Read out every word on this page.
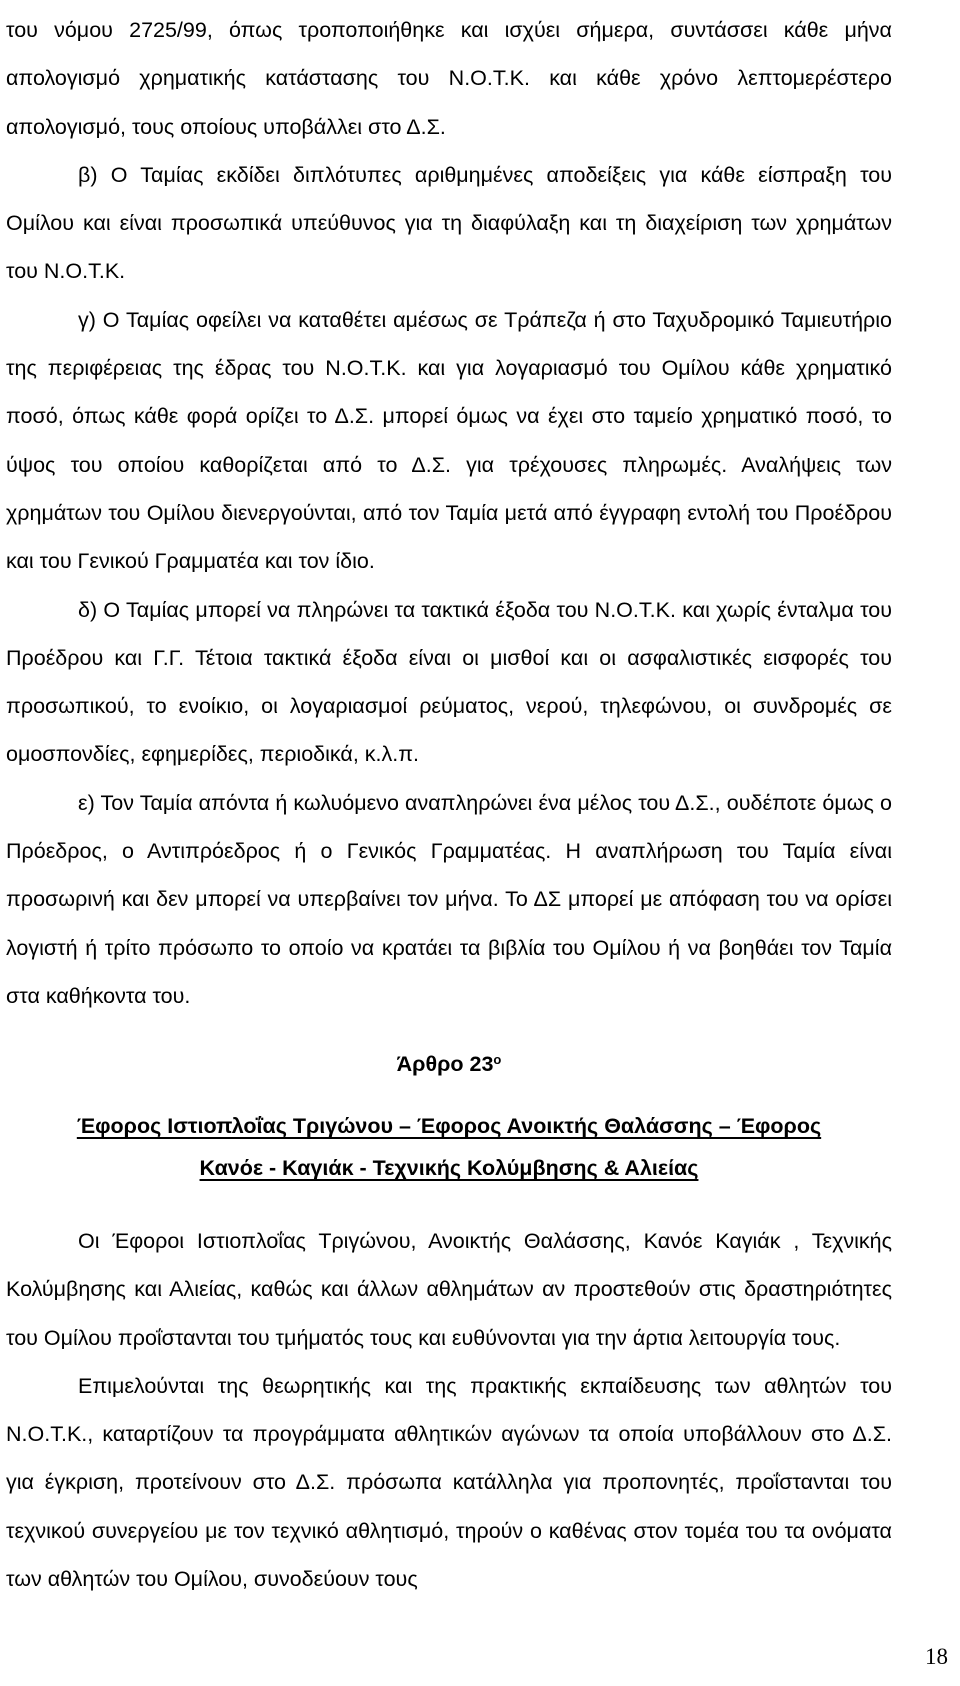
του νόμου 2725/99, όπως τροποποιήθηκε και ισχύει σήμερα, συντάσσει κάθε μήνα απολογισμό χρηματικής κατάστασης του Ν.Ο.Τ.Κ. και κάθε χρόνο λεπτομερέστερο απολογισμό, τους οποίους υποβάλλει στο Δ.Σ.

β) Ο Ταμίας εκδίδει διπλότυπες αριθμημένες αποδείξεις για κάθε είσπραξη του Ομίλου και είναι προσωπικά υπεύθυνος για τη διαφύλαξη και τη διαχείριση των χρημάτων του Ν.Ο.Τ.Κ.

γ) Ο Ταμίας οφείλει να καταθέτει αμέσως σε Τράπεζα ή στο Ταχυδρομικό Ταμιευτήριο της περιφέρειας της έδρας του Ν.Ο.Τ.Κ. και για λογαριασμό του Ομίλου κάθε χρηματικό ποσό, όπως κάθε φορά ορίζει το Δ.Σ. μπορεί όμως να έχει στο ταμείο χρηματικό ποσό, το ύψος του οποίου καθορίζεται από το Δ.Σ. για τρέχουσες πληρωμές. Αναλήψεις των χρημάτων του Ομίλου διενεργούνται, από τον Ταμία μετά από έγγραφη εντολή του Προέδρου και του Γενικού Γραμματέα και τον ίδιο.

δ) Ο Ταμίας μπορεί να πληρώνει τα τακτικά έξοδα του Ν.Ο.Τ.Κ. και χωρίς ένταλμα του Προέδρου και Γ.Γ. Τέτοια τακτικά έξοδα είναι οι μισθοί και οι ασφαλιστικές εισφορές του προσωπικού, το ενοίκιο, οι λογαριασμοί ρεύματος, νερού, τηλεφώνου, οι συνδρομές σε ομοσπονδίες, εφημερίδες, περιοδικά, κ.λ.π.

ε) Τον Ταμία απόντα ή κωλυόμενο αναπληρώνει ένα μέλος του Δ.Σ., ουδέποτε όμως ο Πρόεδρος, ο Αντιπρόεδρος ή ο Γενικός Γραμματέας. Η αναπλήρωση του Ταμία είναι προσωρινή και δεν μπορεί να υπερβαίνει τον μήνα. Το ΔΣ μπορεί με απόφαση του να ορίσει λογιστή ή τρίτο πρόσωπο το οποίο να κρατάει τα βιβλία του Ομίλου ή να βοηθάει τον Ταμία στα καθήκοντα του.

Άρθρο $23^o$
Έφορος Ιστιοπλοΐας Τριγώνου – Έφορος Ανοικτής Θαλάσσης – Έφορος
Κανόε - Καγιάκ - Τεχνικής Κολύμβησης & Αλιείας

Οι Έφοροι Ιστιοπλοΐας Τριγώνου, Ανοικτής Θαλάσσης, Κανόε Καγιάκ , Τεχνικής Κολύμβησης και Αλιείας, καθώς και άλλων αθλημάτων αν προστεθούν στις δραστηριότητες του Ομίλου προΐστανται του τμήματός τους και ευθύνονται για την άρτια λειτουργία τους.

Επιμελούνται της θεωρητικής και της πρακτικής εκπαίδευσης των αθλητών του Ν.Ο.Τ.Κ., καταρτίζουν τα προγράμματα αθλητικών αγώνων τα οποία υποβάλλουν στο Δ.Σ. για έγκριση, προτείνουν στο Δ.Σ. πρόσωπα κατάλληλα για προπονητές, προΐστανται του τεχνικού συνεργείου με τον τεχνικό αθλητισμό, τηρούν ο καθένας στον τομέα του τα ονόματα των αθλητών του Ομίλου, συνοδεύουν τους

18
